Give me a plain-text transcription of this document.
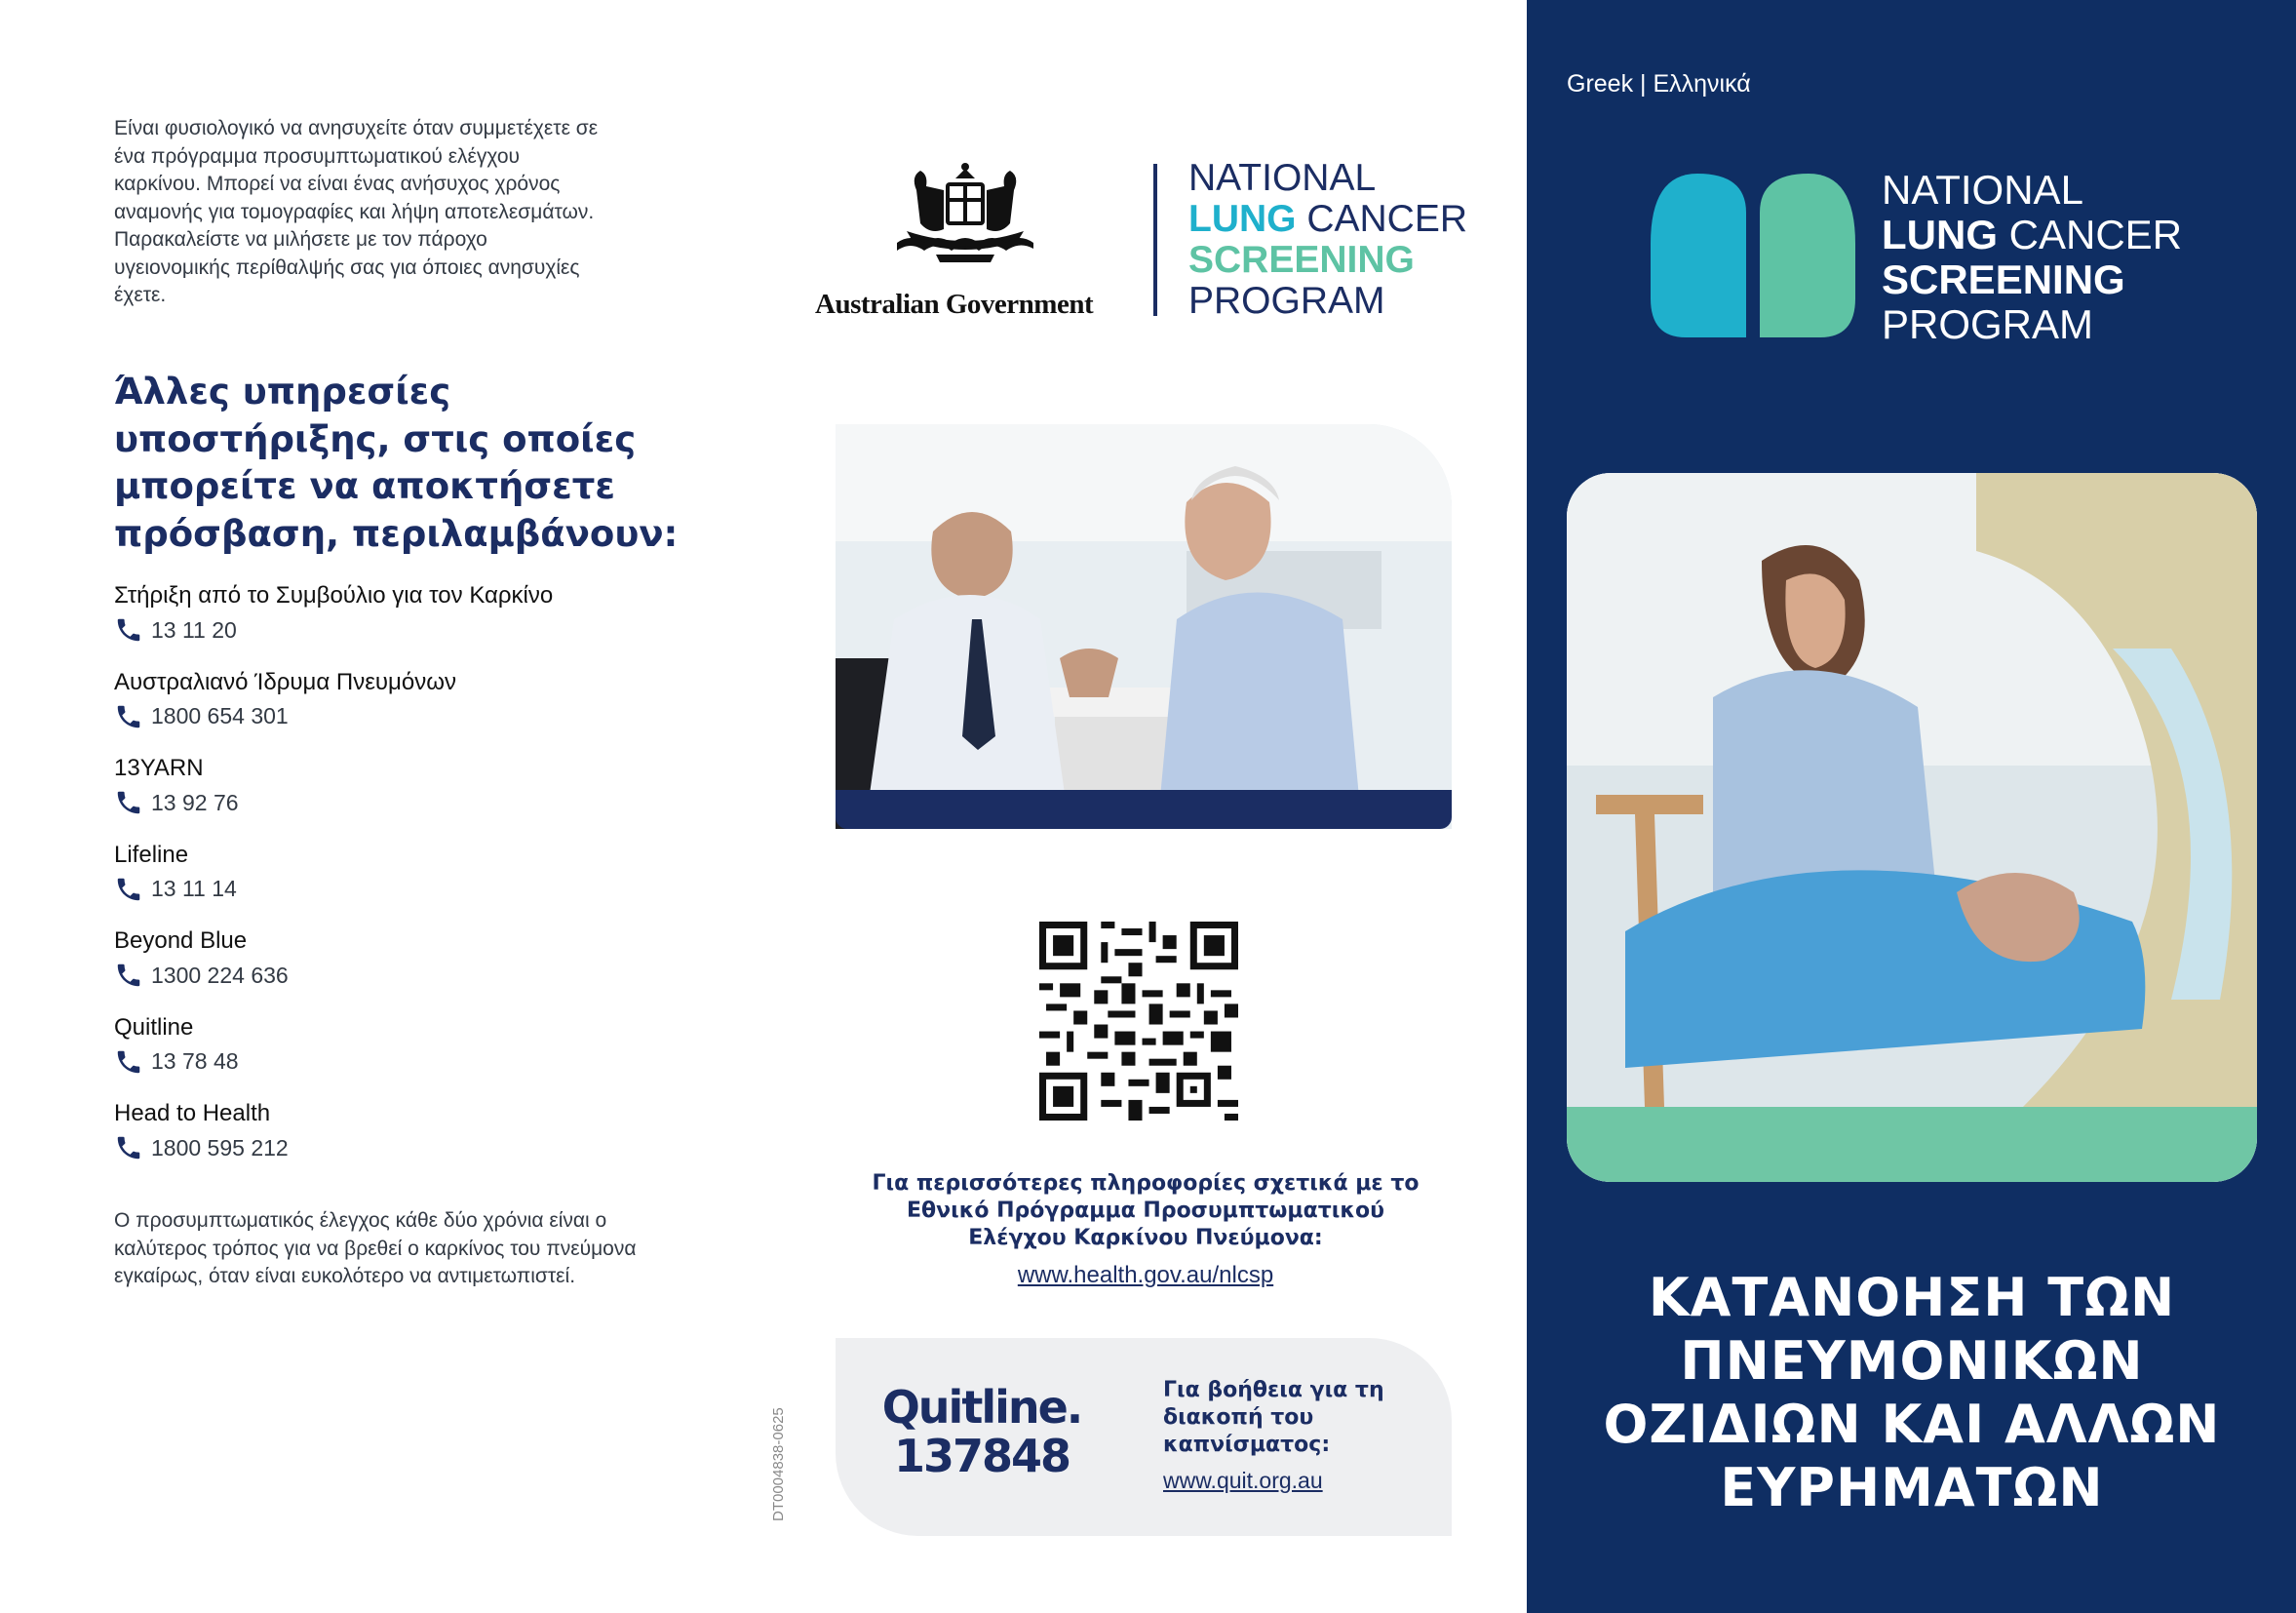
Είναι φυσιολογικό να ανησυχείτε όταν συμμετέχετε σε ένα πρόγραμμα προσυμπτωματικού ελέγχου καρκίνου. Μπορεί να είναι ένας ανήσυχος χρόνος αναμονής για τομογραφίες και λήψη αποτελεσμάτων. Παρακαλείστε να μιλήσετε με τον πάροχο υγειονομικής περίθαλψής σας για όποιες ανησυχίες έχετε.
Άλλες υπηρεσίες υποστήριξης, στις οποίες μπορείτε να αποκτήσετε πρόσβαση, περιλαμβάνουν:
Στήριξη από το Συμβούλιο για τον Καρκίνο
13 11 20
Αυστραλιανό Ίδρυμα Πνευμόνων
1800 654 301
13YARN
13 92 76
Lifeline
13 11 14
Beyond Blue
1300 224 636
Quitline
13 78 48
Head to Health
1800 595 212
Ο προσυμπτωματικός έλεγχος κάθε δύο χρόνια είναι ο καλύτερος τρόπος για να βρεθεί ο καρκίνος του πνεύμονα εγκαίρως, όταν είναι ευκολότερο να αντιμετωπιστεί.
Australian Government
NATIONAL
LUNG CANCER
SCREENING
PROGRAM
Για περισσότερες πληροφορίες σχετικά με το Εθνικό Πρόγραμμα Προσυμπτωματικού Ελέγχου Καρκίνου Πνεύμονα:
www.health.gov.au/nlcsp
DT0004838-0625
Quitline.
137848
Για βοήθεια για τη διακοπή του καπνίσματος:
www.quit.org.au
Greek | Ελληνικά
NATIONAL
LUNG CANCER
SCREENING
PROGRAM
ΚΑΤΑΝΟΗΣΗ ΤΩΝ ΠΝΕΥΜΟΝΙΚΩΝ ΟΖΙΔΙΩΝ ΚΑΙ ΑΛΛΩΝ ΕΥΡΗΜΑΤΩΝ
